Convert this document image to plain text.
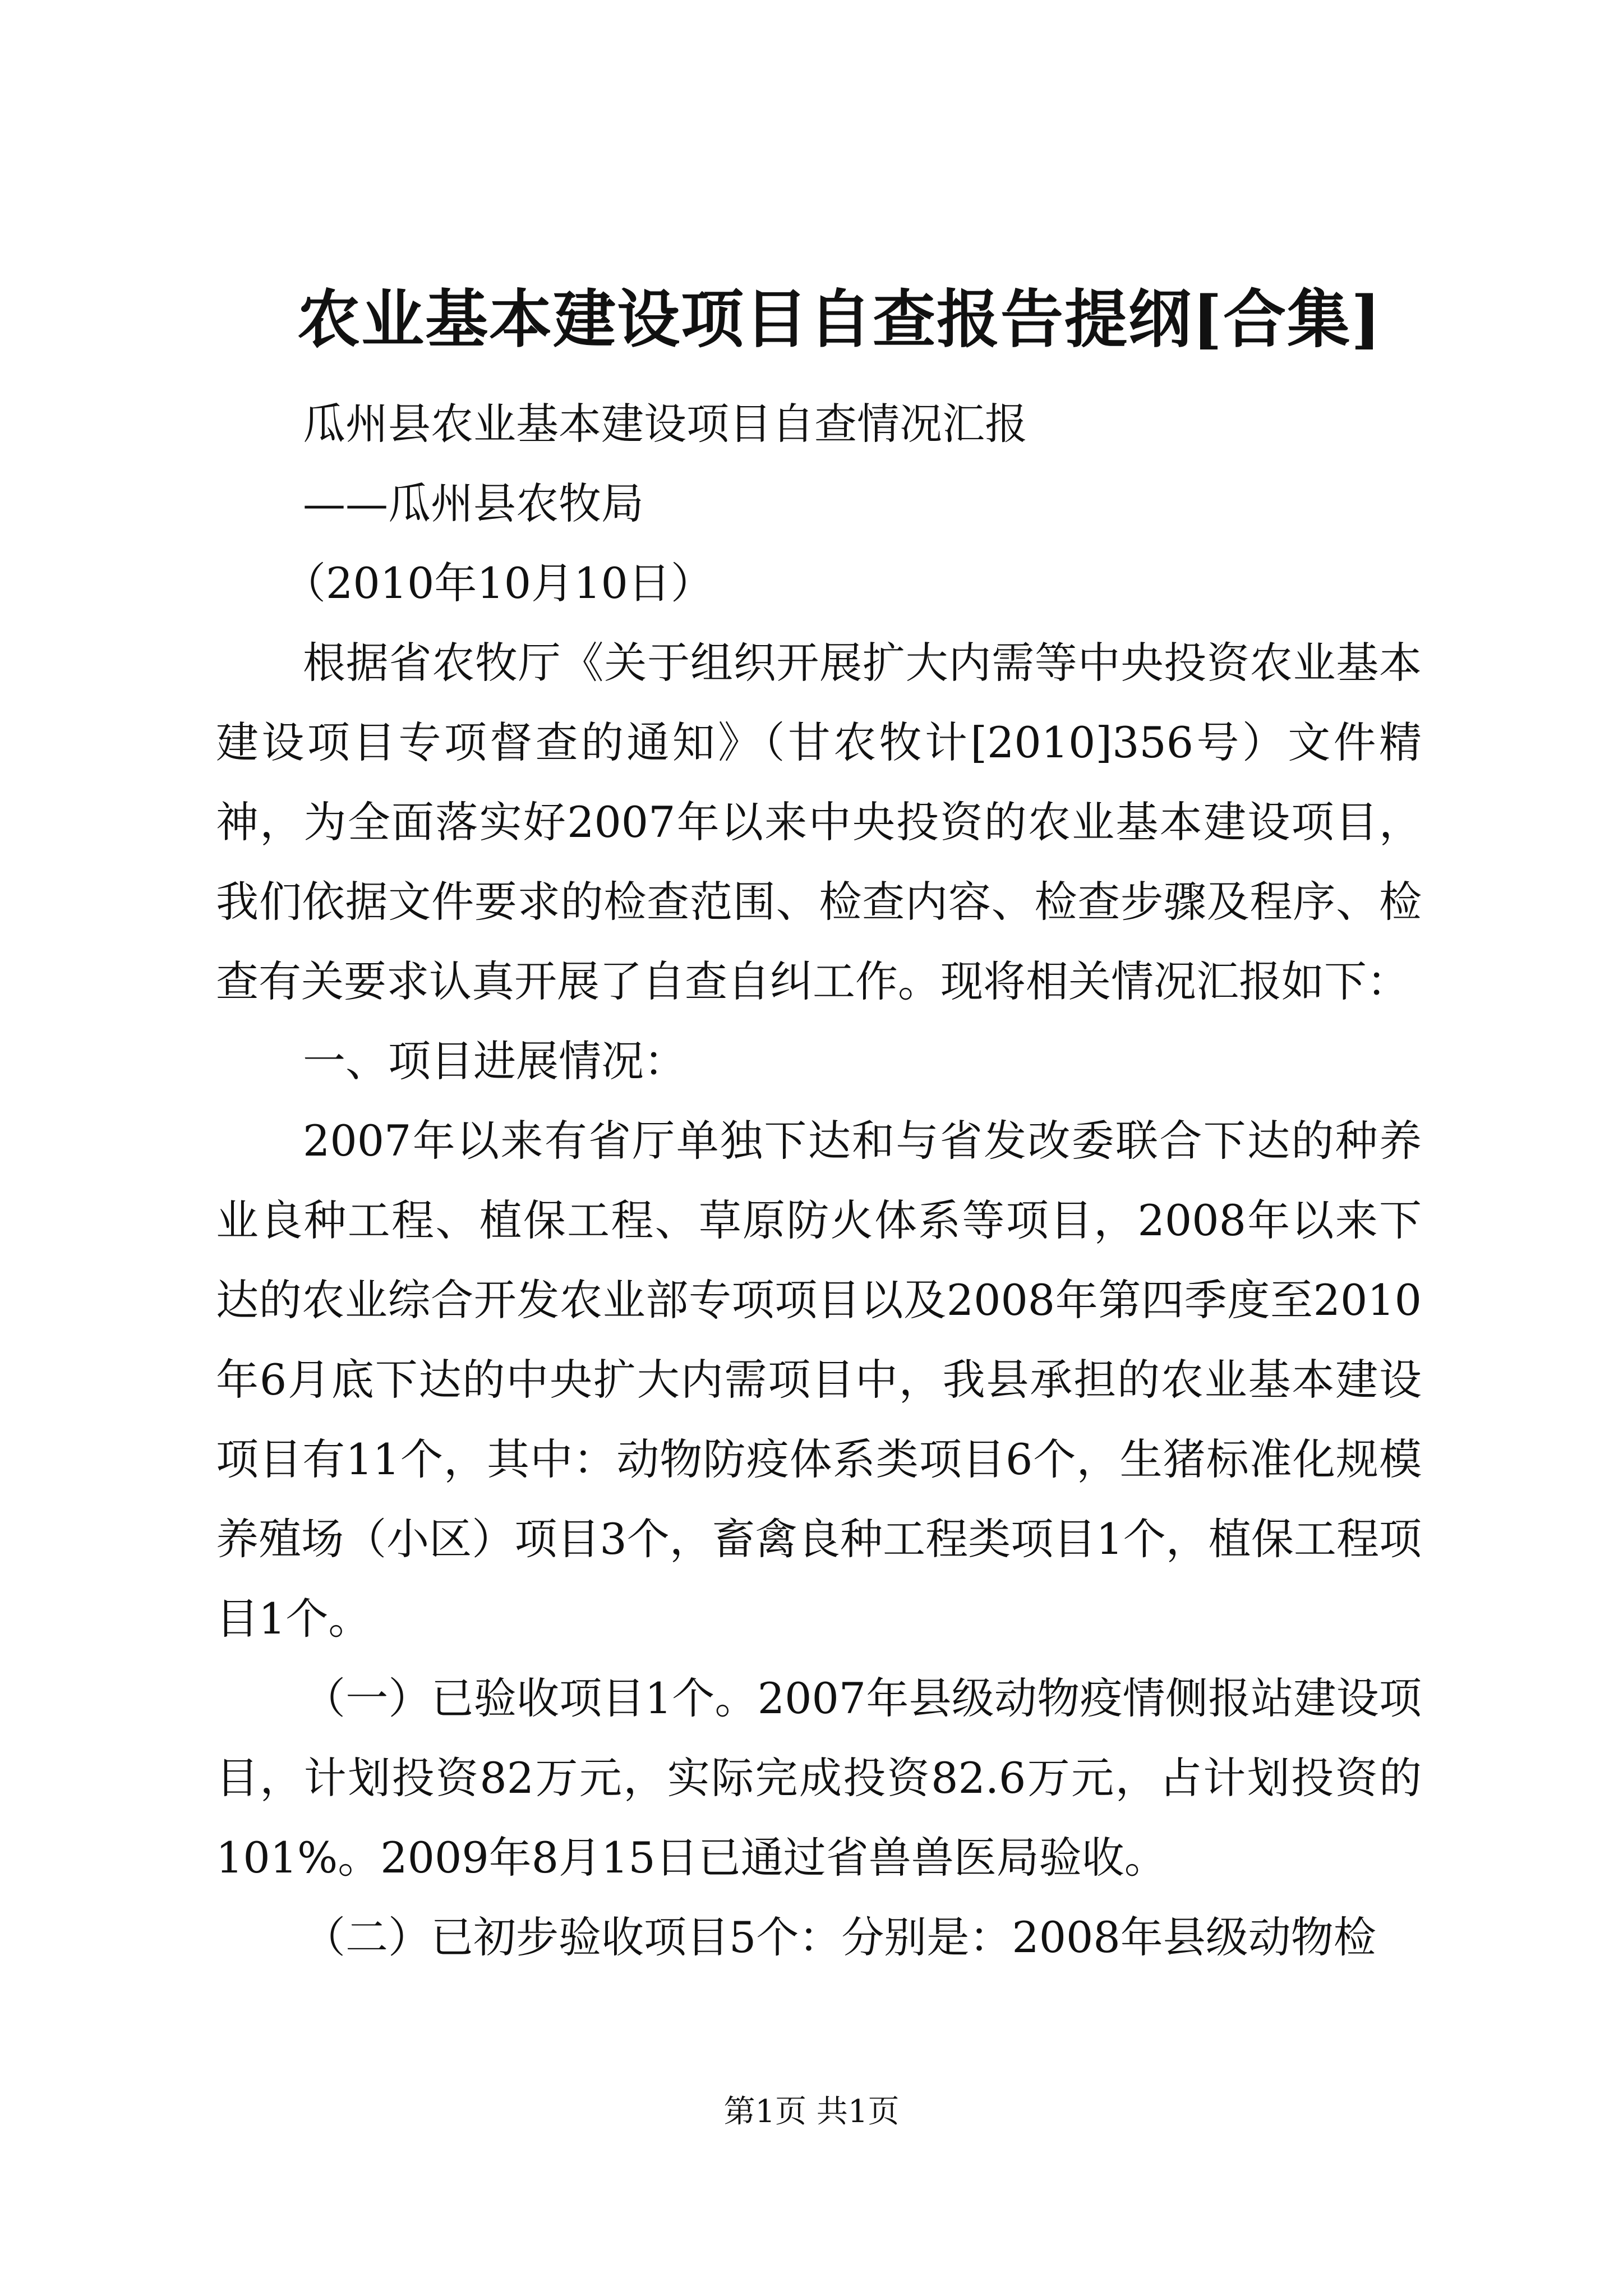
农业基本建设项目自查报告提纲[合集]

瓜州县农业基本建设项目自查情况汇报

——瓜州县农牧局

（2010年10月10日）

根据省农牧厅《关于组织开展扩大内需等中央投资农业基本建设项目专项督查的通知》（甘农牧计[2010]356号）文件精神，为全面落实好2007年以来中央投资的农业基本建设项目，我们依据文件要求的检查范围、检查内容、检查步骤及程序、检查有关要求认真开展了自查自纠工作。现将相关情况汇报如下：

一、项目进展情况：

2007年以来有省厅单独下达和与省发改委联合下达的种养业良种工程、植保工程、草原防火体系等项目，2008年以来下达的农业综合开发农业部专项项目以及2008年第四季度至2010年6月底下达的中央扩大内需项目中，我县承担的农业基本建设项目有11个，其中：动物防疫体系类项目6个，生猪标准化规模养殖场（小区）项目3个，畜禽良种工程类项目1个，植保工程项目1个。

（一）已验收项目1个。2007年县级动物疫情侧报站建设项目，计划投资82万元，实际完成投资82.6万元，占计划投资的101%。2009年8月15日已通过省兽兽医局验收。

（二）已初步验收项目5个：分别是：2008年县级动物检

第1页 共1页
